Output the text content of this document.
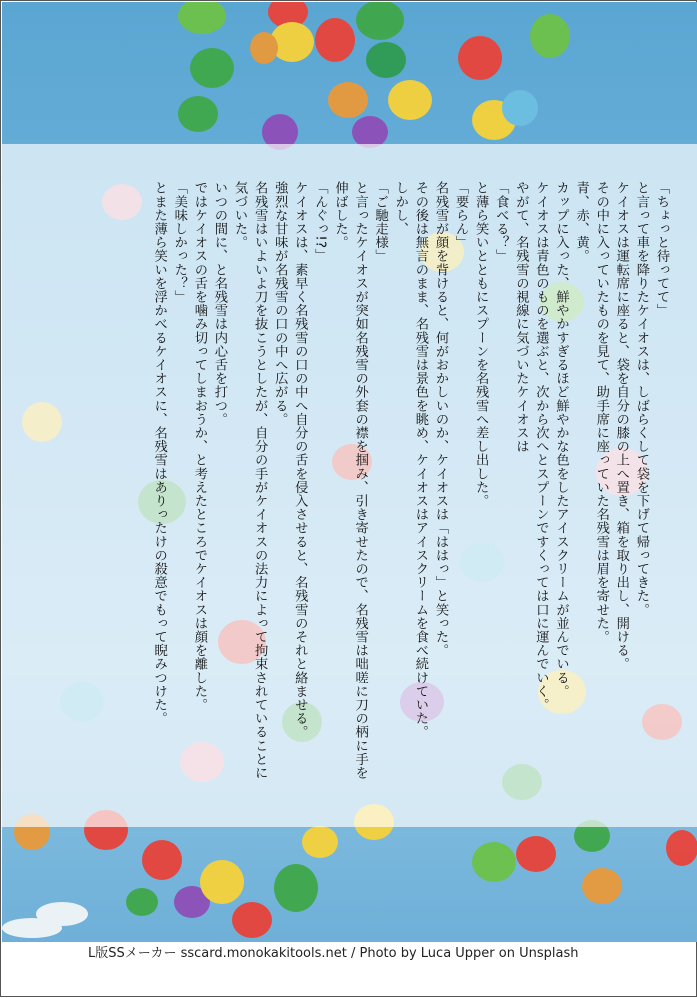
「ちょっと待ってて」

と言って車を降りたケイオスは、しばらくして袋を下げて帰ってきた。

ケイオスは運転席に座ると、袋を自分の膝の上へ置き、箱を取り出し、開ける。

その中に入っていたものを見て、助手席に座っていた名残雪は眉を寄せた。

青、赤、黄。

カップに入った、鮮やかすぎるほど鮮やかな色をしたアイスクリームが並んでいる。

ケイオスは青色のものを選ぶと、次から次へとスプーンですくっては口に運んでいく。

やがて、名残雪の視線に気づいたケイオスは

「食べる？」

と薄ら笑いとともにスプーンを名残雪へ差し出した。

「要らん」

名残雪が顔を背けると、何がおかしいのか、ケイオスは「ははっ」と笑った。

その後は無言のまま、名残雪は景色を眺め、ケイオスはアイスクリームを食べ続けていた。

しかし、

「ご馳走様」

と言ったケイオスが突如名残雪の外套の襟を掴み、引き寄せたので、名残雪は咄嗟に刀の柄に手を伸ばした。

「んぐっ!?」

ケイオスは、素早く名残雪の口の中へ自分の舌を侵入させると、名残雪のそれと絡ませる。

強烈な甘味が名残雪の口の中へ広がる。

名残雪はいよいよ刀を抜こうとしたが、自分の手がケイオスの法力によって拘束されていることに気づいた。

いつの間に、と名残雪は内心舌を打つ。

ではケイオスの舌を噛み切ってしまおうか、と考えたところでケイオスは顔を離した。

「美味しかった？」

とまた薄ら笑いを浮かべるケイオスに、名残雪はありったけの殺意でもって睨みつけた。

L版SSメーカー sscard.monokakitools.net / Photo by Luca Upper on Unsplash
